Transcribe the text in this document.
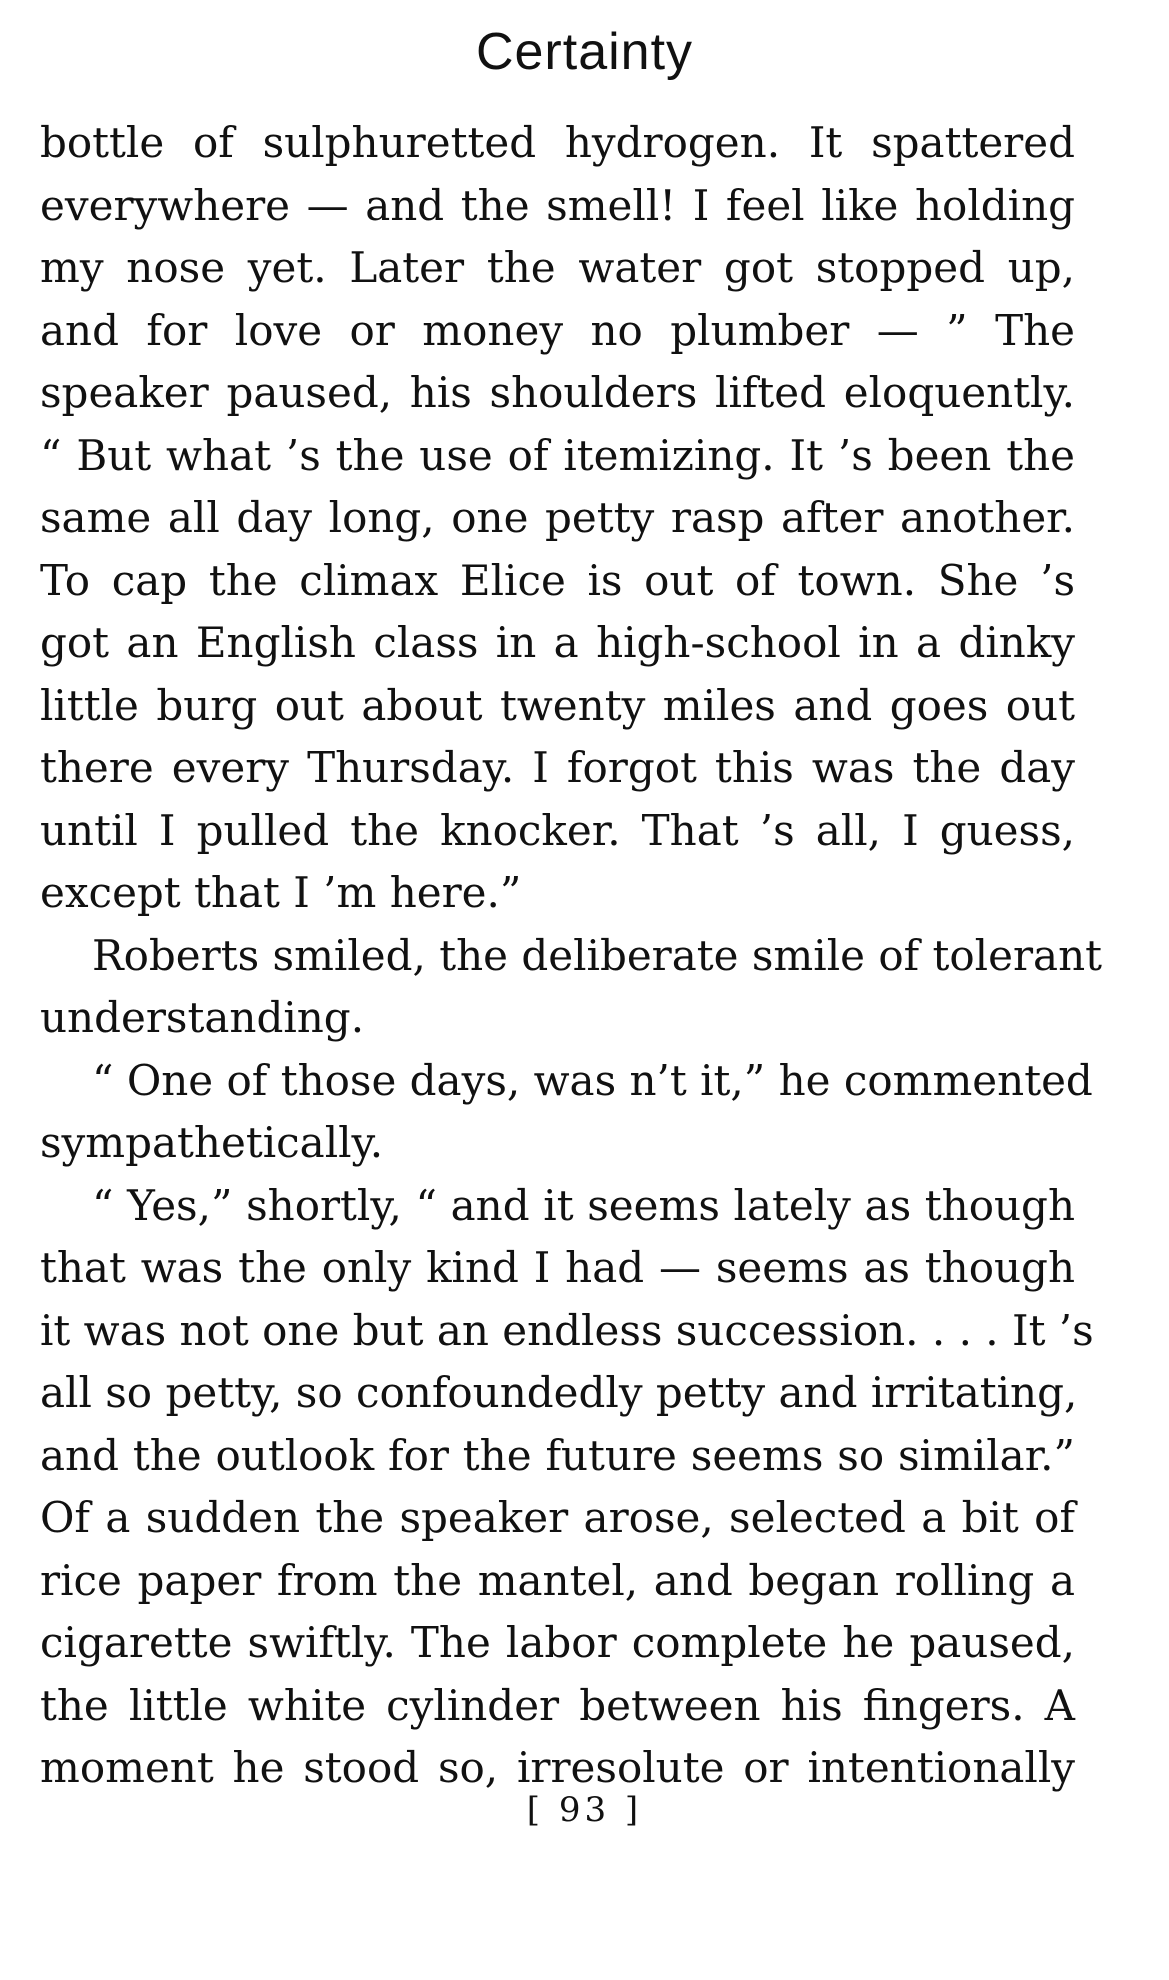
Certainty
bottle of sulphuretted hydrogen. It spattered
everywhere — and the smell! I feel like holding
my nose yet. Later the water got stopped up,
and for love or money no plumber — ” The
speaker paused, his shoulders lifted eloquently.
“ But what ’s the use of itemizing. It ’s been the
same all day long, one petty rasp after another.
To cap the climax Elice is out of town. She ’s
got an English class in a high-school in a dinky
little burg out about twenty miles and goes out
there every Thursday. I forgot this was the day
until I pulled the knocker. That ’s all, I guess,
except that I ’m here.”
Roberts smiled, the deliberate smile of tolerant
understanding.
“ One of those days, was n’t it,” he commented
sympathetically.
“ Yes,” shortly, “ and it seems lately as though
that was the only kind I had — seems as though
it was not one but an endless succession. . . . It ’s
all so petty, so confoundedly petty and irritating,
and the outlook for the future seems so similar.”
Of a sudden the speaker arose, selected a bit of
rice paper from the mantel, and began rolling a
cigarette swiftly. The labor complete he paused,
the little white cylinder between his fingers. A
moment he stood so, irresolute or intentionally
[ 93 ]
